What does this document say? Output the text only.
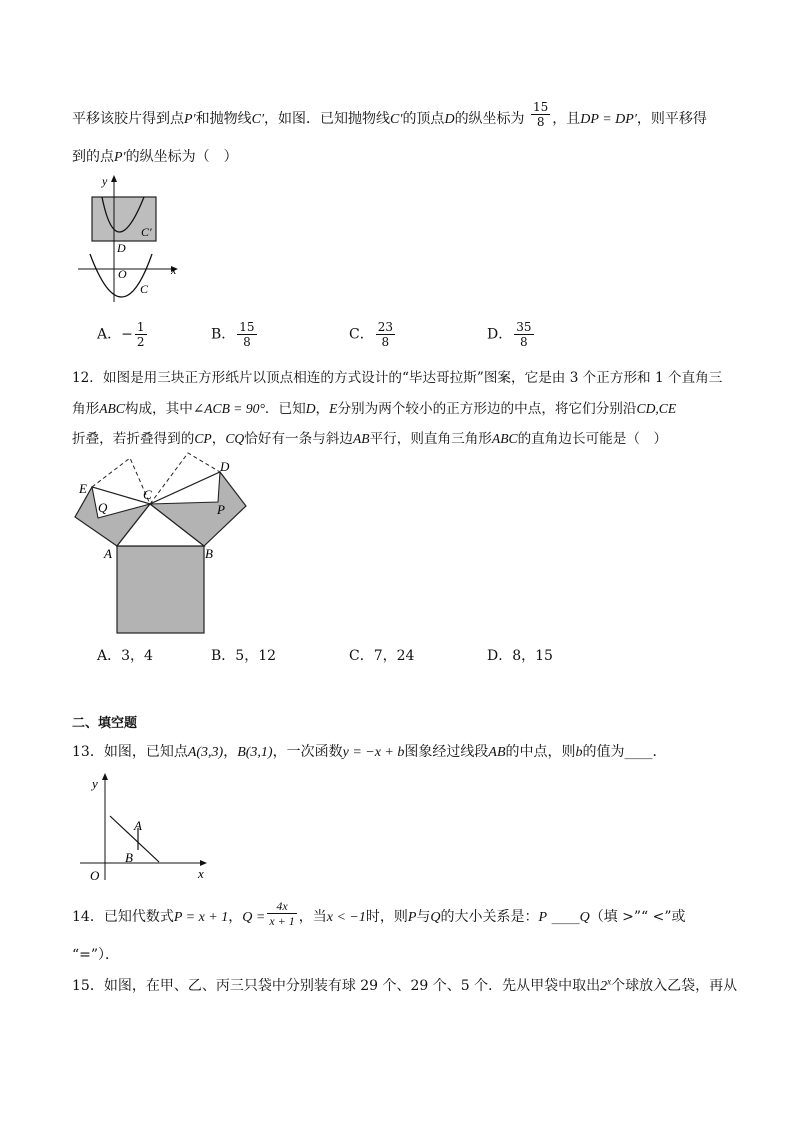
平移该胶片得到点P′和抛物线C′，如图．已知抛物线C′的顶点D的纵坐标为 $\frac{15}{8}$ ，且DP = DP′，则平移得
到的点P′的纵坐标为（　）
y
x
O
D
C
C′
A．− $\frac{1}{2}$	B． $\frac{15}{8}$	C． $\frac{23}{8}$	D． $\frac{35}{8}$
12．如图是用三块正方形纸片以顶点相连的方式设计的“毕达哥拉斯”图案，它是由 3 个正方形和 1 个直角三
角形ABC构成，其中∠ACB = 90°．已知D，E分别为两个较小的正方形边的中点，将它们分别沿CD,CE
折叠，若折叠得到的CP，CQ恰好有一条与斜边AB平行，则直角三角形ABC的直角边长可能是（　）
E	C
D
Q	P
A	B
A．3，4	B．5，12	C．7，24	D．8，15
二、填空题
13．如图，已知点A(3,3)，B(3,1)，一次函数y = −x + b图象经过线段AB的中点，则b的值为____．
y
x
O
A
B
14．已知代数式P = x + 1，$Q = \frac{4x}{x + 1}$ ，当x < −1时，则P与Q的大小关系是：P ____Q（填 >”“ <”或
“=”）．
15．如图，在甲、乙、丙三只袋中分别装有球 29 个、29 个、5 个．先从甲袋中取出2$^x$个球放入乙袋，再从
